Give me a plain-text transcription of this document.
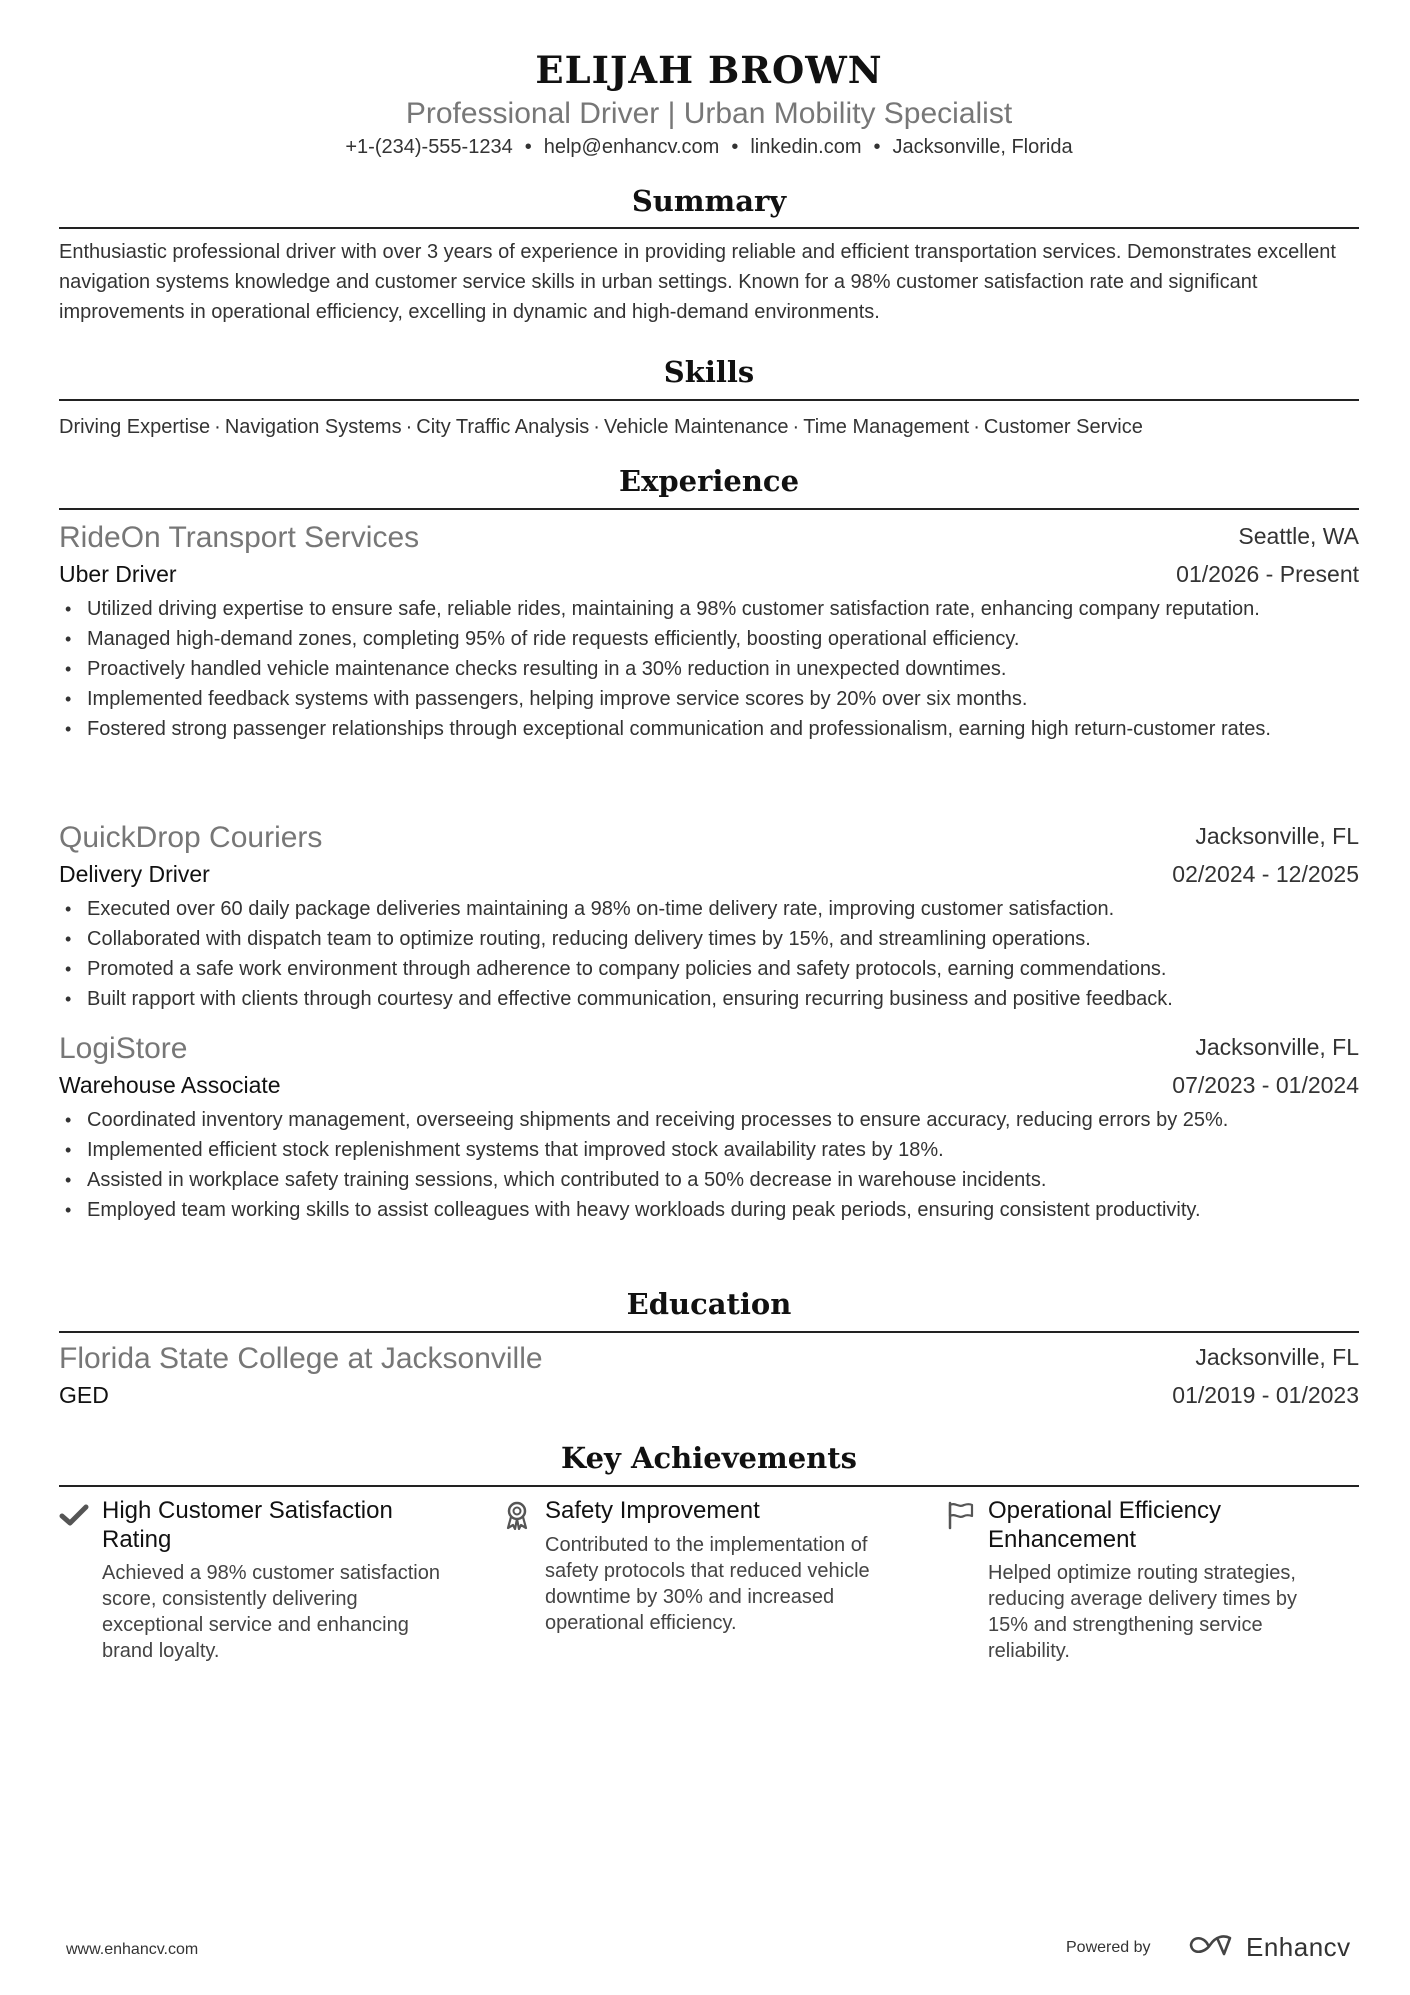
ELIJAH BROWN
Professional Driver | Urban Mobility Specialist
+1-(234)-555-1234 • help@enhancv.com • linkedin.com • Jacksonville, Florida
Summary
Enthusiastic professional driver with over 3 years of experience in providing reliable and efficient transportation services. Demonstrates excellent navigation systems knowledge and customer service skills in urban settings. Known for a 98% customer satisfaction rate and significant improvements in operational efficiency, excelling in dynamic and high-demand environments.
Skills
Driving Expertise · Navigation Systems · City Traffic Analysis · Vehicle Maintenance · Time Management · Customer Service
Experience
RideOn Transport Services	Seattle, WA
Uber Driver	01/2026 - Present
• Utilized driving expertise to ensure safe, reliable rides, maintaining a 98% customer satisfaction rate, enhancing company reputation.
• Managed high-demand zones, completing 95% of ride requests efficiently, boosting operational efficiency.
• Proactively handled vehicle maintenance checks resulting in a 30% reduction in unexpected downtimes.
• Implemented feedback systems with passengers, helping improve service scores by 20% over six months.
• Fostered strong passenger relationships through exceptional communication and professionalism, earning high return-customer rates.
QuickDrop Couriers	Jacksonville, FL
Delivery Driver	02/2024 - 12/2025
• Executed over 60 daily package deliveries maintaining a 98% on-time delivery rate, improving customer satisfaction.
• Collaborated with dispatch team to optimize routing, reducing delivery times by 15%, and streamlining operations.
• Promoted a safe work environment through adherence to company policies and safety protocols, earning commendations.
• Built rapport with clients through courtesy and effective communication, ensuring recurring business and positive feedback.
LogiStore	Jacksonville, FL
Warehouse Associate	07/2023 - 01/2024
• Coordinated inventory management, overseeing shipments and receiving processes to ensure accuracy, reducing errors by 25%.
• Implemented efficient stock replenishment systems that improved stock availability rates by 18%.
• Assisted in workplace safety training sessions, which contributed to a 50% decrease in warehouse incidents.
• Employed team working skills to assist colleagues with heavy workloads during peak periods, ensuring consistent productivity.
Education
Florida State College at Jacksonville	Jacksonville, FL
GED	01/2019 - 01/2023
Key Achievements
High Customer Satisfaction Rating
Achieved a 98% customer satisfaction score, consistently delivering exceptional service and enhancing brand loyalty.
Safety Improvement
Contributed to the implementation of safety protocols that reduced vehicle downtime by 30% and increased operational efficiency.
Operational Efficiency Enhancement
Helped optimize routing strategies, reducing average delivery times by 15% and strengthening service reliability.
www.enhancv.com	Powered by	Enhancv
